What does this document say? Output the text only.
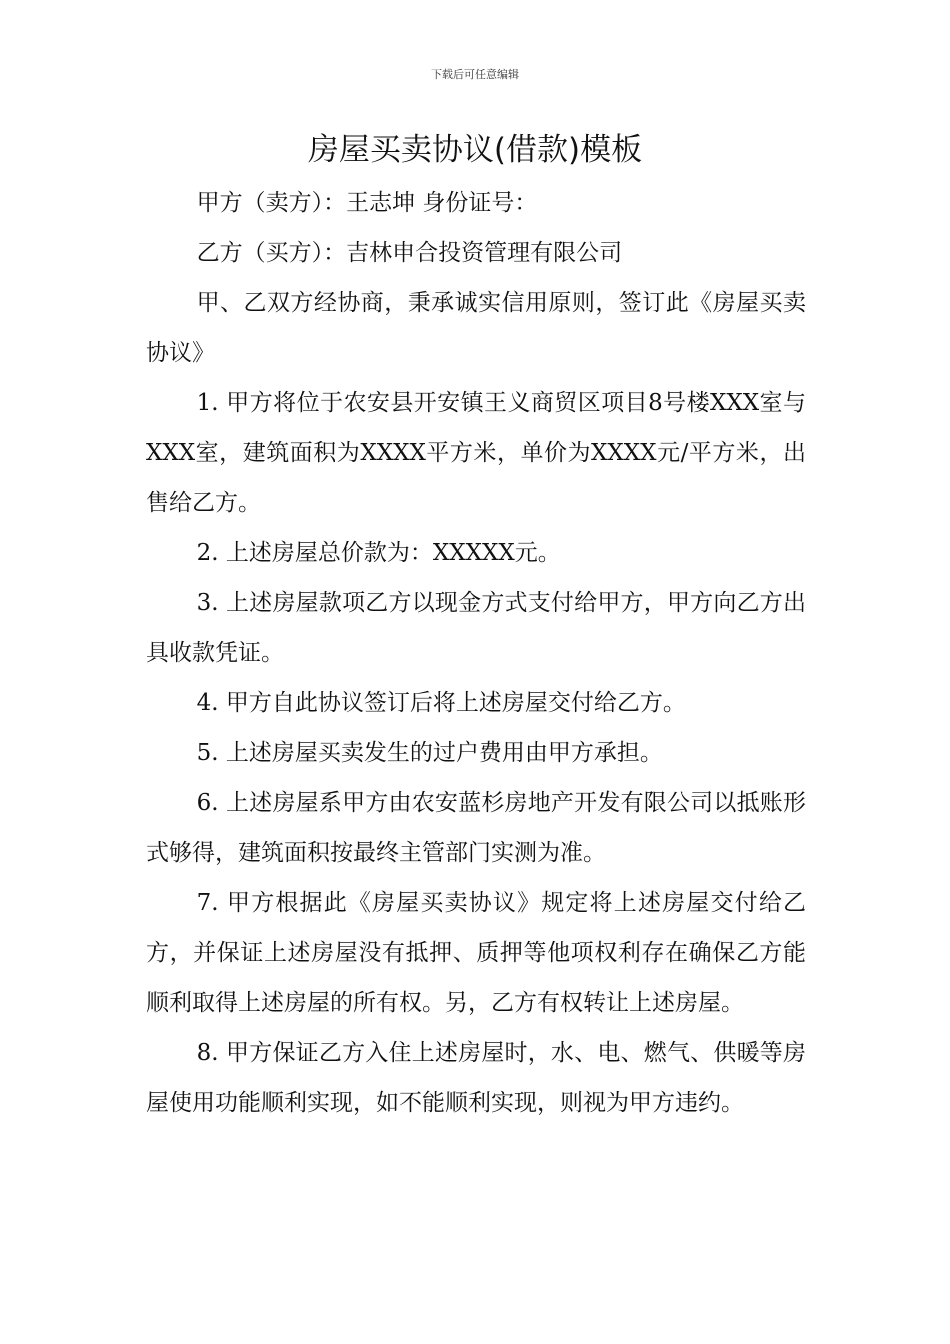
下载后可任意编辑
房屋买卖协议(借款)模板

甲方（卖方）：王志坤 身份证号：

乙方（买方）：吉林申合投资管理有限公司

甲、乙双方经协商，秉承诚实信用原则，签订此《房屋买卖协议》

1. 甲方将位于农安县开安镇王义商贸区项目8号楼XXX室与XXX室，建筑面积为XXXX平方米，单价为XXXX元/平方米，出售给乙方。

2. 上述房屋总价款为：XXXXX元。

3. 上述房屋款项乙方以现金方式支付给甲方，甲方向乙方出具收款凭证。

4. 甲方自此协议签订后将上述房屋交付给乙方。

5. 上述房屋买卖发生的过户费用由甲方承担。

6. 上述房屋系甲方由农安蓝杉房地产开发有限公司以抵账形式够得，建筑面积按最终主管部门实测为准。

7. 甲方根据此《房屋买卖协议》规定将上述房屋交付给乙方，并保证上述房屋没有抵押、质押等他项权利存在确保乙方能顺利取得上述房屋的所有权。另，乙方有权转让上述房屋。

8. 甲方保证乙方入住上述房屋时，水、电、燃气、供暖等房屋使用功能顺利实现，如不能顺利实现，则视为甲方违约。
